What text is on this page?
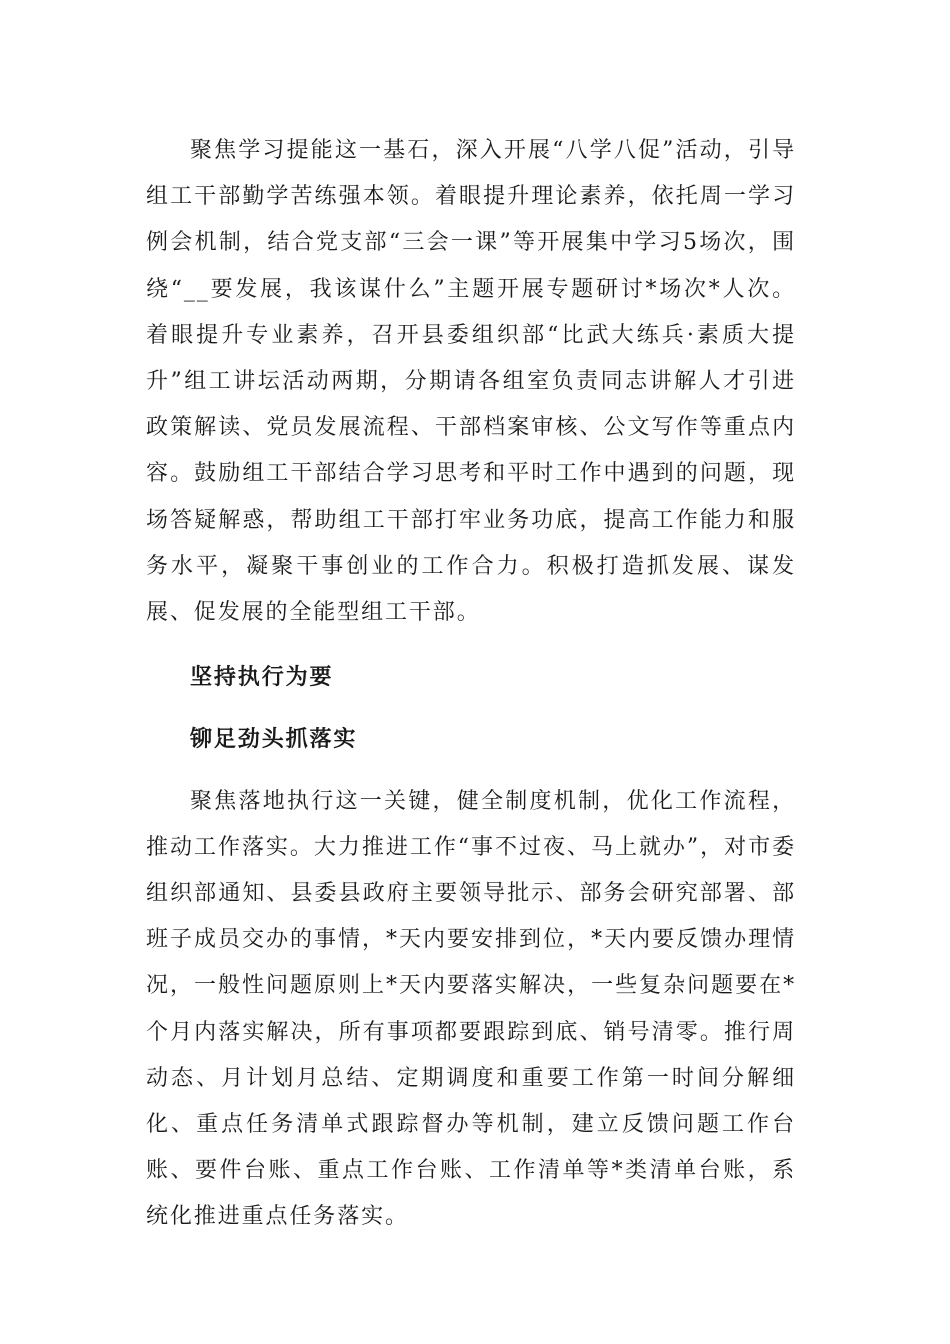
聚焦学习提能这一基石，深入开展“八学八促”活动，引导组工干部勤学苦练强本领。着眼提升理论素养，依托周一学习例会机制，结合党支部“三会一课”等开展集中学习5场次，围绕“__要发展，我该谋什么”主题开展专题研讨*场次*人次。着眼提升专业素养，召开县委组织部“比武大练兵·素质大提升”组工讲坛活动两期，分期请各组室负责同志讲解人才引进政策解读、党员发展流程、干部档案审核、公文写作等重点内容。鼓励组工干部结合学习思考和平时工作中遇到的问题，现场答疑解惑，帮助组工干部打牢业务功底，提高工作能力和服务水平，凝聚干事创业的工作合力。积极打造抓发展、谋发展、促发展的全能型组工干部。

坚持执行为要

铆足劲头抓落实

聚焦落地执行这一关键，健全制度机制，优化工作流程，推动工作落实。大力推进工作“事不过夜、马上就办”，对市委组织部通知、县委县政府主要领导批示、部务会研究部署、部班子成员交办的事情，*天内要安排到位，*天内要反馈办理情况，一般性问题原则上*天内要落实解决，一些复杂问题要在*个月内落实解决，所有事项都要跟踪到底、销号清零。推行周动态、月计划月总结、定期调度和重要工作第一时间分解细化、重点任务清单式跟踪督办等机制，建立反馈问题工作台账、要件台账、重点工作台账、工作清单等*类清单台账，系统化推进重点任务落实。
